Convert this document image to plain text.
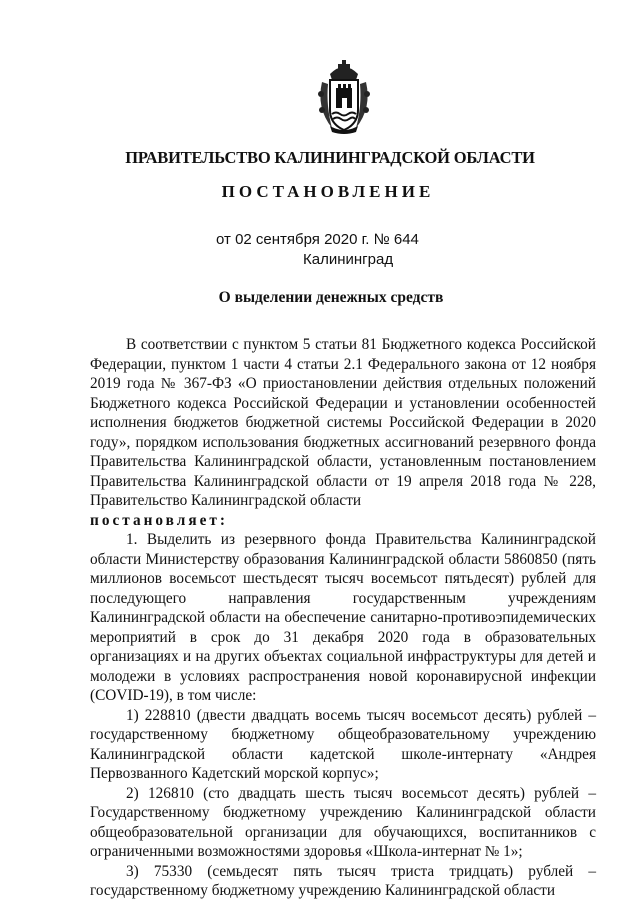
ПРАВИТЕЛЬСТВО КАЛИНИНГРАДСКОЙ ОБЛАСТИ
ПОСТАНОВЛЕНИЕ
от 02 сентября 2020 г. № 644
Калининград
О выделении денежных средств

В соответствии с пунктом 5 статьи 81 Бюджетного кодекса Российской Федерации, пунктом 1 части 4 статьи 2.1 Федерального закона от 12 ноября 2019 года № 367-ФЗ «О приостановлении действия отдельных положений Бюджетного кодекса Российской Федерации и установлении особенностей исполнения бюджетов бюджетной системы Российской Федерации в 2020 году», порядком использования бюджетных ассигнований резервного фонда Правительства Калининградской области, установленным постановлением Правительства Калининградской области от 19 апреля 2018 года № 228, Правительство Калининградской области

постановляет:

1. Выделить из резервного фонда Правительства Калининградской области Министерству образования Калининградской области 5860850 (пять миллионов восемьсот шестьдесят тысяч восемьсот пятьдесят) рублей для последующего направления государственным учреждениям Калининградской области на обеспечение санитарно-противоэпидемических мероприятий в срок до 31 декабря 2020 года в образовательных организациях и на других объектах социальной инфраструктуры для детей и молодежи в условиях распространения новой коронавирусной инфекции (COVID-19), в том числе:

1) 228810 (двести двадцать восемь тысяч восемьсот десять) рублей – государственному бюджетному общеобразовательному учреждению Калининградской области кадетской школе-интернату «Андрея Первозванного Кадетский морской корпус»;

2) 126810 (сто двадцать шесть тысяч восемьсот десять) рублей – Государственному бюджетному учреждению Калининградской области общеобразовательной организации для обучающихся, воспитанников с ограниченными возможностями здоровья «Школа-интернат № 1»;

3) 75330 (семьдесят пять тысяч триста тридцать) рублей – государственному бюджетному учреждению Калининградской области
